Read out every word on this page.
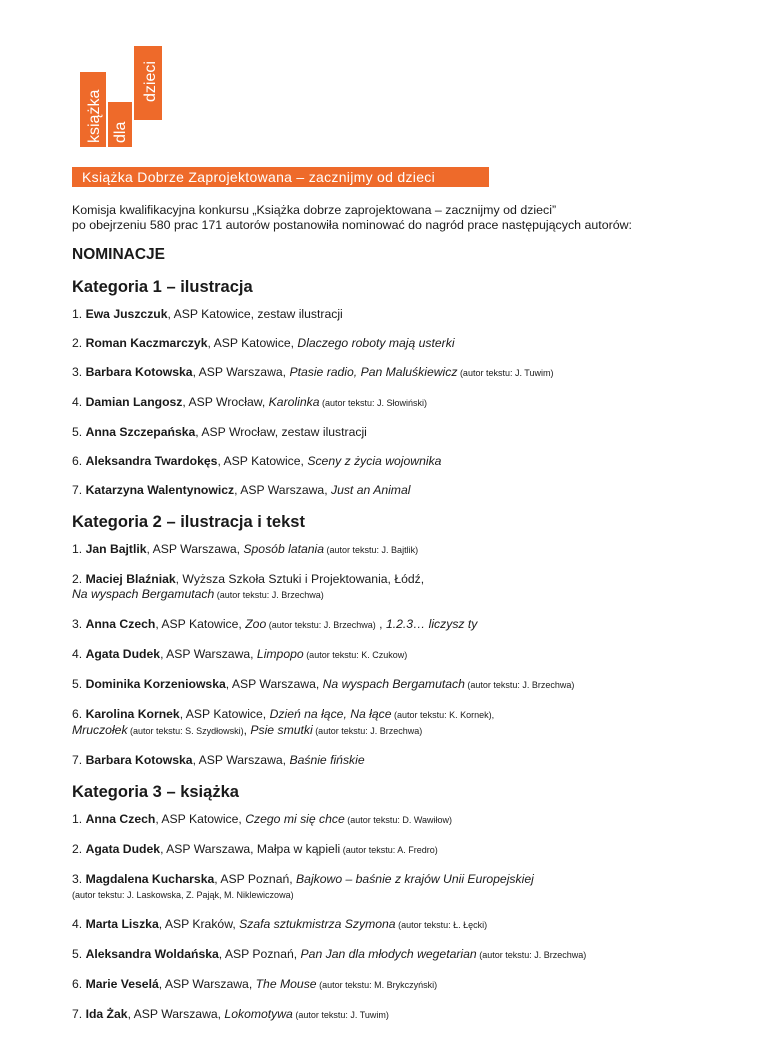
książka dla
dzieci
Książka Dobrze Zaprojektowana – zacznijmy od dzieci

Komisja kwalifikacyjna konkursu „Książka dobrze zaprojektowana – zacznijmy od dzieci”

po obejrzeniu 580 prac 171 autorów postanowiła nominować do nagród prace następujących autorów:

NOMINACJE
Kategoria 1 – ilustracja

1. Ewa Juszczuk, ASP Katowice, zestaw ilustracji

2. Roman Kaczmarczyk, ASP Katowice, Dlaczego roboty mają usterki

3. Barbara Kotowska, ASP Warszawa, Ptasie radio, Pan Maluśkiewicz (autor tekstu: J. Tuwim)

4. Damian Langosz, ASP Wrocław, Karolinka (autor tekstu: J. Słowiński)

5. Anna Szczepańska, ASP Wrocław, zestaw ilustracji

6. Aleksandra Twardokęs, ASP Katowice, Sceny z życia wojownika

7. Katarzyna Walentynowicz, ASP Warszawa, Just an Animal

Kategoria 2 – ilustracja i tekst

1. Jan Bajtlik, ASP Warszawa, Sposób latania (autor tekstu: J. Bajtlik)

2. Maciej Blaźniak, Wyższa Szkoła Sztuki i Projektowania, Łódź,
Na wyspach Bergamutach (autor tekstu: J. Brzechwa)

3. Anna Czech, ASP Katowice, Zoo (autor tekstu: J. Brzechwa) , 1.2.3… liczysz ty

4. Agata Dudek, ASP Warszawa, Limpopo (autor tekstu: K. Czukow)

5. Dominika Korzeniowska, ASP Warszawa, Na wyspach Bergamutach (autor tekstu: J. Brzechwa)

6. Karolina Kornek, ASP Katowice, Dzień na łące, Na łące (autor tekstu: K. Kornek),
Mruczołek (autor tekstu: S. Szydłowski), Psie smutki (autor tekstu: J. Brzechwa)

7. Barbara Kotowska, ASP Warszawa, Baśnie fińskie

Kategoria 3 – książka

1. Anna Czech, ASP Katowice, Czego mi się chce (autor tekstu: D. Wawiłow)

2. Agata Dudek, ASP Warszawa, Małpa w kąpieli (autor tekstu: A. Fredro)

3. Magdalena Kucharska, ASP Poznań, Bajkowo – baśnie z krajów Unii Europejskiej
(autor tekstu: J. Laskowska, Z. Pająk, M. Niklewiczowa)

4. Marta Liszka, ASP Kraków, Szafa sztukmistrza Szymona (autor tekstu: Ł. Łęcki)

5. Aleksandra Woldańska, ASP Poznań, Pan Jan dla młodych wegetarian (autor tekstu: J. Brzechwa)

6. Marie Veselá, ASP Warszawa, The Mouse (autor tekstu: M. Brykczyński)

7. Ida Żak, ASP Warszawa, Lokomotywa (autor tekstu: J. Tuwim)
